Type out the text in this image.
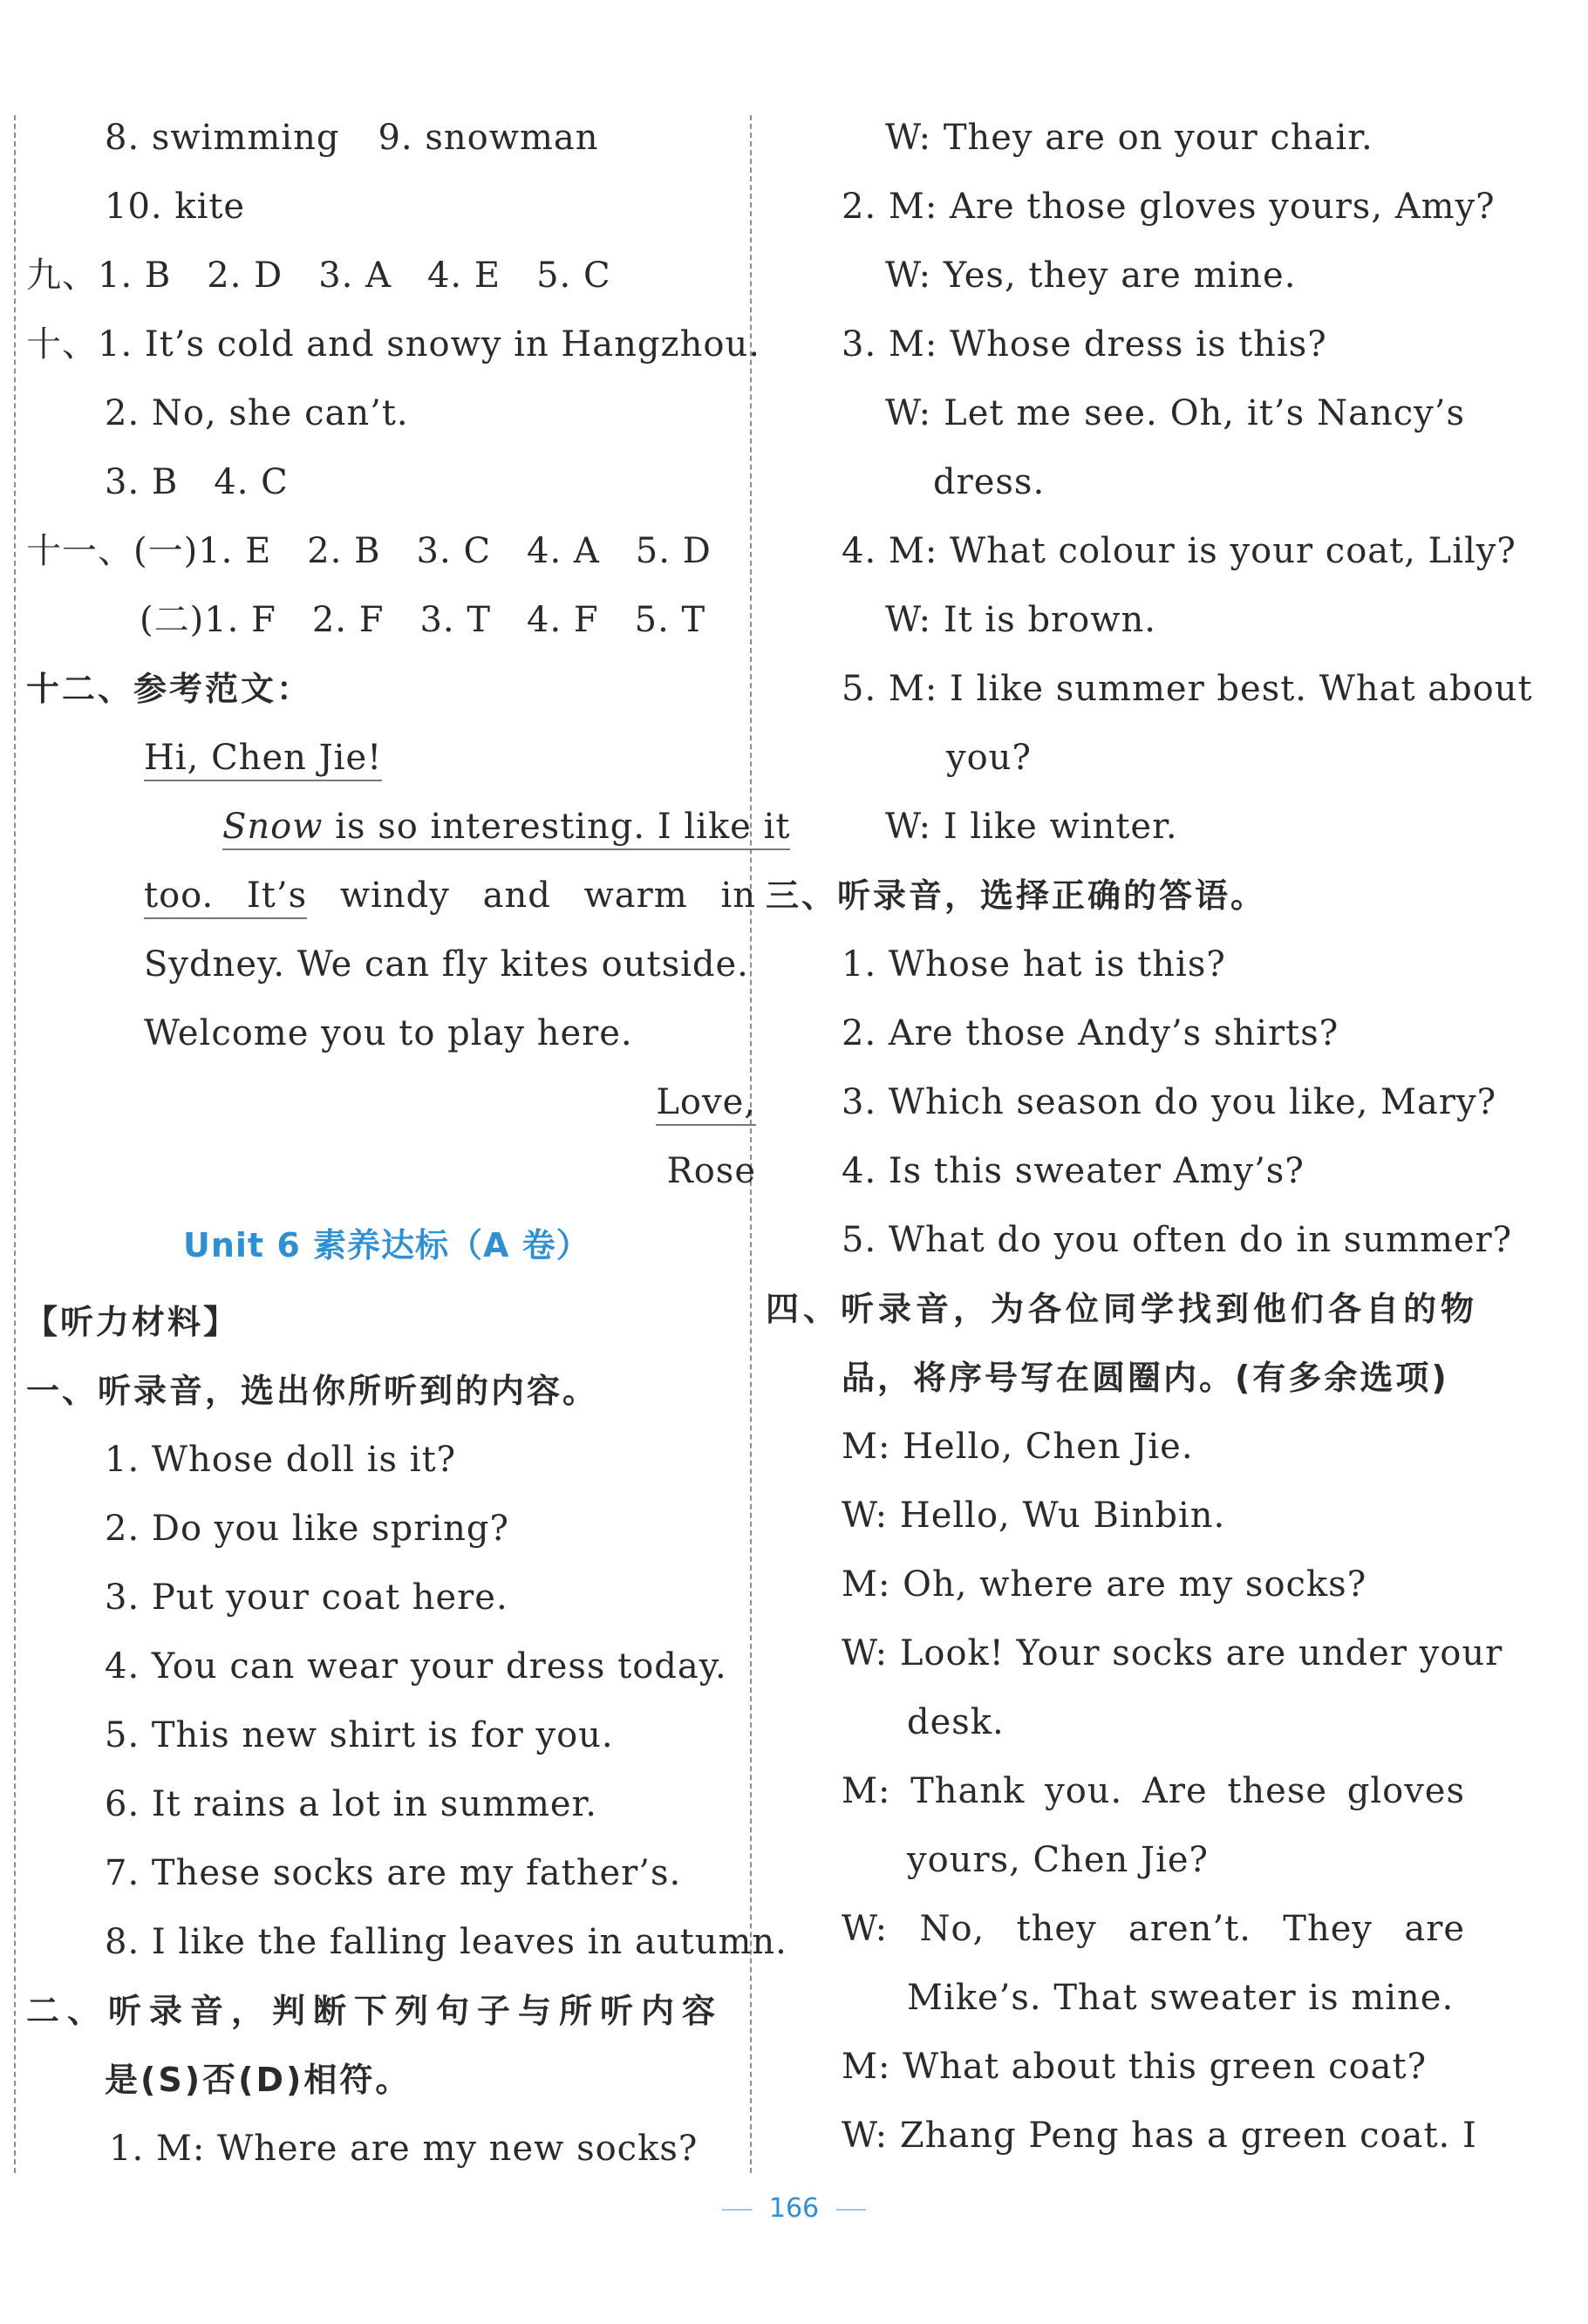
8. swimming 9. snowman
10. kite
九、1. B　2. D　3. A　4. E　5. C
十、1. It’s cold and snowy in Hangzhou.
2. No, she can’t.
3. B　4. C
十一、(一)1. E　2. B　3. C　4. A　5. D
(二)1. F　2. F　3. T　4. F　5. T
十二、参考范文：
Hi, Chen Jie!
Snow is so interesting. I like it
too. It’s windy and warm in
Sydney. We can fly kites outside.
Welcome you to play here.
Love,
Rose
Unit 6 素养达标（A 卷）
【听力材料】
一、听录音，选出你所听到的内容。
1. Whose doll is it?
2. Do you like spring?
3. Put your coat here.
4. You can wear your dress today.
5. This new shirt is for you.
6. It rains a lot in summer.
7. These socks are my father’s.
8. I like the falling leaves in autumn.
二、听录音，判断下列句子与所听内容
是(S)否(D)相符。
1. M: Where are my new socks?
W: They are on your chair.
2. M: Are those gloves yours, Amy?
W: Yes, they are mine.
3. M: Whose dress is this?
W: Let me see. Oh, it’s Nancy’s
dress.
4. M: What colour is your coat, Lily?
W: It is brown.
5. M: I like summer best. What about
you?
W: I like winter.
三、听录音，选择正确的答语。
1. Whose hat is this?
2. Are those Andy’s shirts?
3. Which season do you like, Mary?
4. Is this sweater Amy’s?
5. What do you often do in summer?
四、听录音，为各位同学找到他们各自的物
品，将序号写在圆圈内。(有多余选项)
M: Hello, Chen Jie.
W: Hello, Wu Binbin.
M: Oh, where are my socks?
W: Look! Your socks are under your
desk.
M: Thank you. Are these gloves
yours, Chen Jie?
W: No, they aren’t. They are
Mike’s. That sweater is mine.
M: What about this green coat?
W: Zhang Peng has a green coat. I
166
